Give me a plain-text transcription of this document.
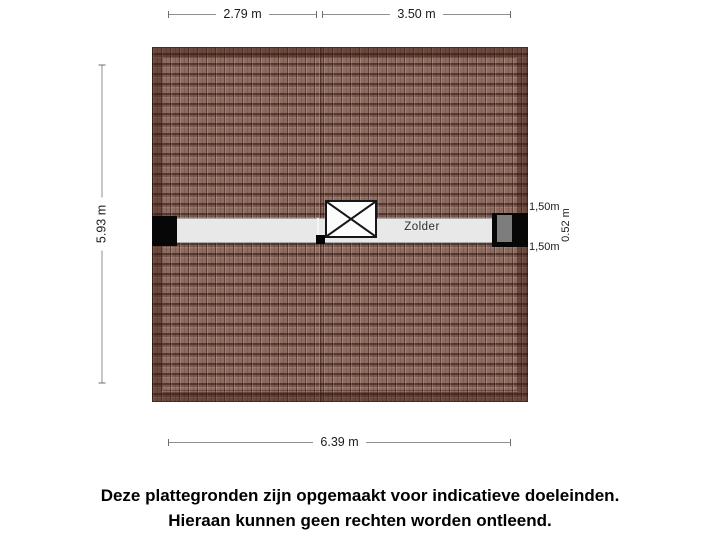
2.79 m	3.50 m
5.93 m
6.39 m
1,50m
1,50m
0.52 m
Zolder
Deze plattegronden zijn opgemaakt voor indicatieve doeleinden.
Hieraan kunnen geen rechten worden ontleend.
